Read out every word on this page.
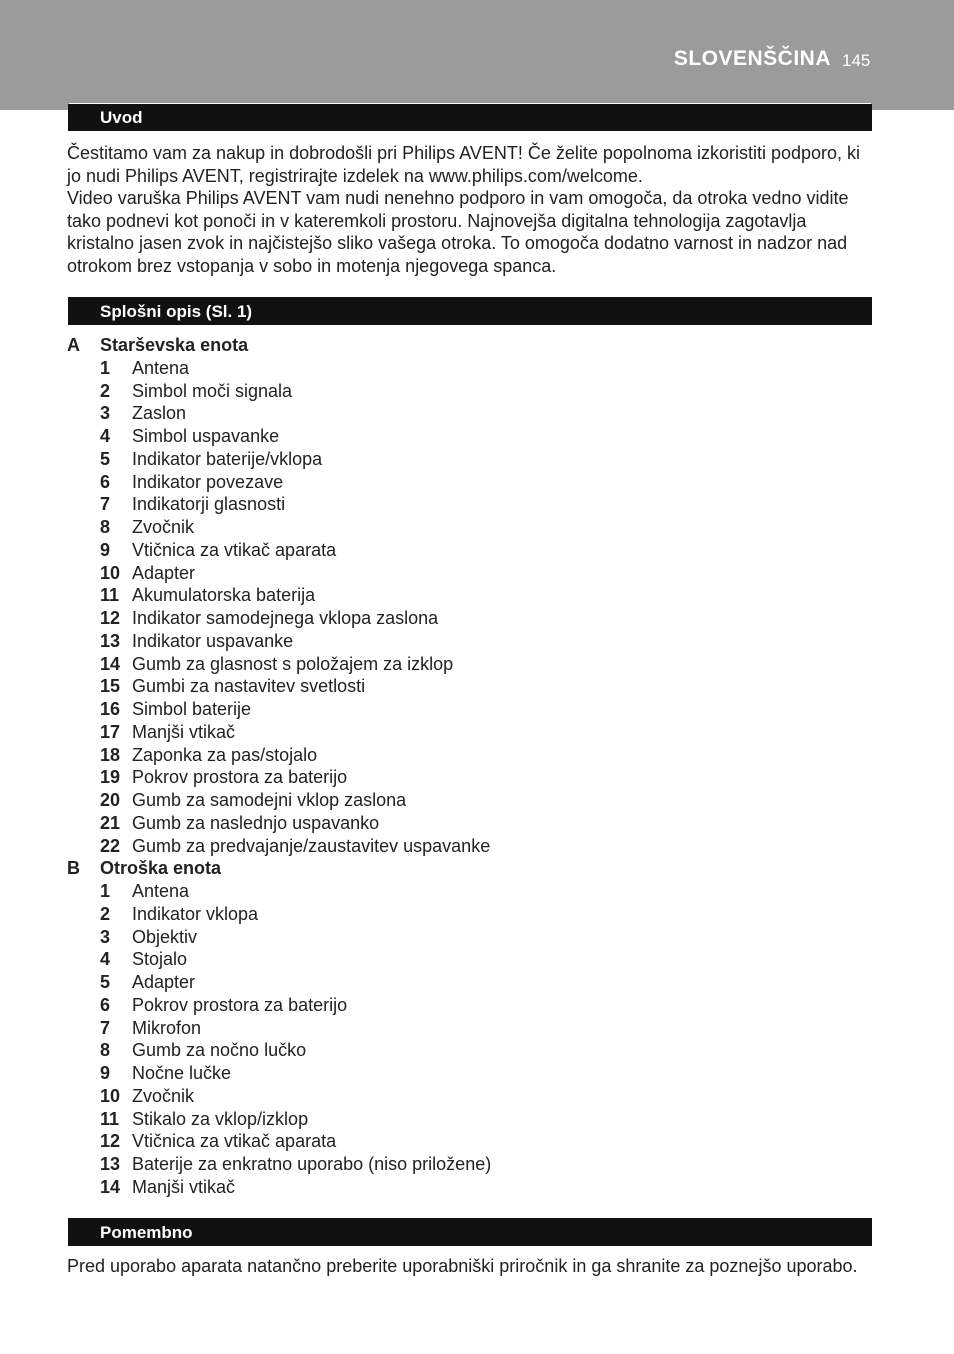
SLOVENŠČINA 145
Uvod

Čestitamo vam za nakup in dobrodošli pri Philips AVENT! Če želite popolnoma izkoristiti podporo, ki jo nudi Philips AVENT, registrirajte izdelek na www.philips.com/welcome.

Video varuška Philips AVENT vam nudi nenehno podporo in vam omogoča, da otroka vedno vidite tako podnevi kot ponoči in v kateremkoli prostoru. Najnovejša digitalna tehnologija zagotavlja kristalno jasen zvok in najčistejšo sliko vašega otroka. To omogoča dodatno varnost in nadzor nad otrokom brez vstopanja v sobo in motenja njegovega spanca.

Splošni opis (Sl. 1)
A	Starševska enota
1	Antena
2	Simbol moči signala
3	Zaslon
4	Simbol uspavanke
5	Indikator baterije/vklopa
6	Indikator povezave
7	Indikatorji glasnosti
8	Zvočnik
9	Vtičnica za vtikač aparata
10 Adapter
11 Akumulatorska baterija
12 Indikator samodejnega vklopa zaslona
13 Indikator uspavanke
14 Gumb za glasnost s položajem za izklop
15 Gumbi za nastavitev svetlosti
16 Simbol baterije
17 Manjši vtikač
18 Zaponka za pas/stojalo
19 Pokrov prostora za baterijo
20 Gumb za samodejni vklop zaslona
21 Gumb za naslednjo uspavanko
22 Gumb za predvajanje/zaustavitev uspavanke
B	Otroška enota
1	Antena
2	Indikator vklopa
3	Objektiv
4	Stojalo
5	Adapter
6	Pokrov prostora za baterijo
7	Mikrofon
8	Gumb za nočno lučko
9	Nočne lučke
10 Zvočnik
11 Stikalo za vklop/izklop
12 Vtičnica za vtikač aparata
13 Baterije za enkratno uporabo (niso priložene)
14 Manjši vtikač
Pomembno

Pred uporabo aparata natančno preberite uporabniški priročnik in ga shranite za poznejšo uporabo.
